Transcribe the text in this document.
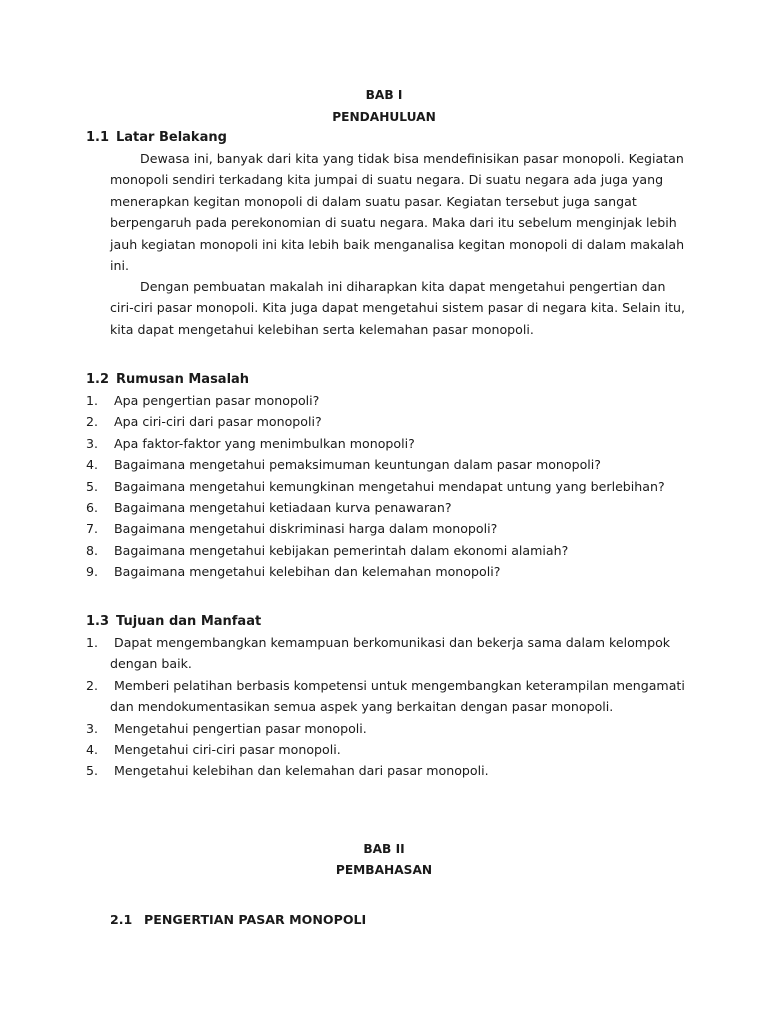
BAB I
PENDAHULUAN
1.1 Latar Belakang
Dewasa ini, banyak dari kita yang tidak bisa mendefinisikan pasar monopoli. Kegiatan
monopoli sendiri terkadang kita jumpai di suatu negara. Di suatu negara ada juga yang
menerapkan kegitan monopoli di dalam suatu pasar. Kegiatan tersebut juga sangat
berpengaruh pada perekonomian di suatu negara. Maka dari itu sebelum menginjak lebih
jauh kegiatan monopoli ini kita lebih baik menganalisa kegitan monopoli di dalam makalah
ini.
Dengan pembuatan makalah ini diharapkan kita dapat mengetahui pengertian dan
ciri-ciri pasar monopoli. Kita juga dapat mengetahui sistem pasar di negara kita. Selain itu,
kita dapat mengetahui kelebihan serta kelemahan pasar monopoli.
1.2 Rumusan Masalah
1. Apa pengertian pasar monopoli?
2. Apa ciri-ciri dari pasar monopoli?
3. Apa faktor-faktor yang menimbulkan monopoli?
4. Bagaimana mengetahui pemaksimuman keuntungan dalam pasar monopoli?
5. Bagaimana mengetahui kemungkinan mengetahui mendapat untung yang berlebihan?
6. Bagaimana mengetahui ketiadaan kurva penawaran?
7. Bagaimana mengetahui diskriminasi harga dalam monopoli?
8. Bagaimana mengetahui kebijakan pemerintah dalam ekonomi alamiah?
9. Bagaimana mengetahui kelebihan dan kelemahan monopoli?
1.3 Tujuan dan Manfaat
1. Dapat mengembangkan kemampuan berkomunikasi dan bekerja sama dalam kelompok
dengan baik.
2. Memberi pelatihan berbasis kompetensi untuk mengembangkan keterampilan mengamati
dan mendokumentasikan semua aspek yang berkaitan dengan pasar monopoli.
3. Mengetahui pengertian pasar monopoli.
4. Mengetahui ciri-ciri pasar monopoli.
5. Mengetahui kelebihan dan kelemahan dari pasar monopoli.
BAB II
PEMBAHASAN
2.1 PENGERTIAN PASAR MONOPOLI
